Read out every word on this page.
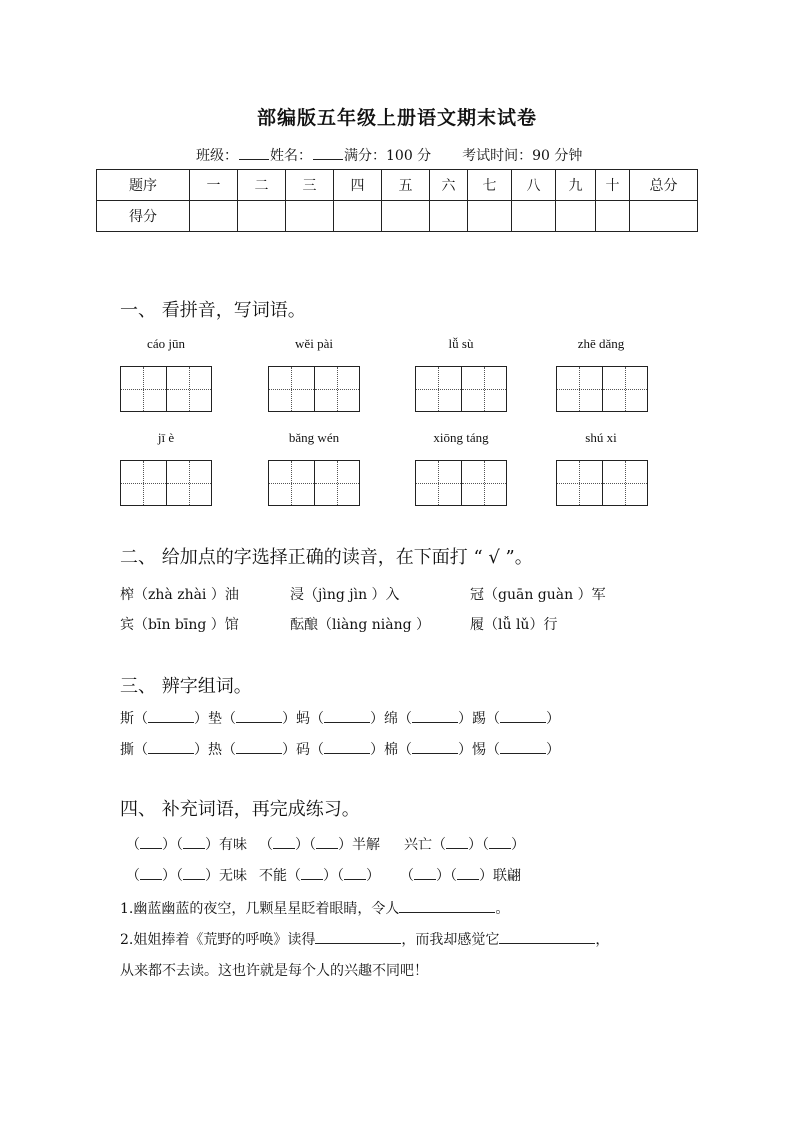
部编版五年级上册语文期末试卷
班级： 姓名： 满分：100 分 考试时间：90 分钟
题序	一	二	三	四	五	六	七	八	九	十	总分
得分											
一、 看拼音，写词语。
cáo jūn	wěi pài	lǚ sù	zhē dǎng
jī è	bǎng wén	xiōng táng	shú xi
二、 给加点的字选择正确的读音，在下面打 “ √ ”。
榨（zhà zhài ）油	浸（jìng jìn ）入	冠（guān guàn ）军
宾（bīn bīng ）馆	酝酿（liàng niàng ）	履（lǚ lǔ）行
三、 辨字组词。
斯（	）垫（	）蚂（	）绵（	）踢（	）
撕（	）热（	）码（	）棉（	）惕（	）
四、 补充词语，再完成练习。
（ ）（ ）有味 （ ）（ ）半解 兴亡（ ）（ ）
（ ）（ ）无味 不能（ ）（ ） （ ）（ ）联翩
1.幽蓝幽蓝的夜空，几颗星星眨着眼睛，令人	。
2.姐姐捧着《荒野的呼唤》读得	，而我却感觉它	，
从来都不去读。这也许就是每个人的兴趣不同吧！
